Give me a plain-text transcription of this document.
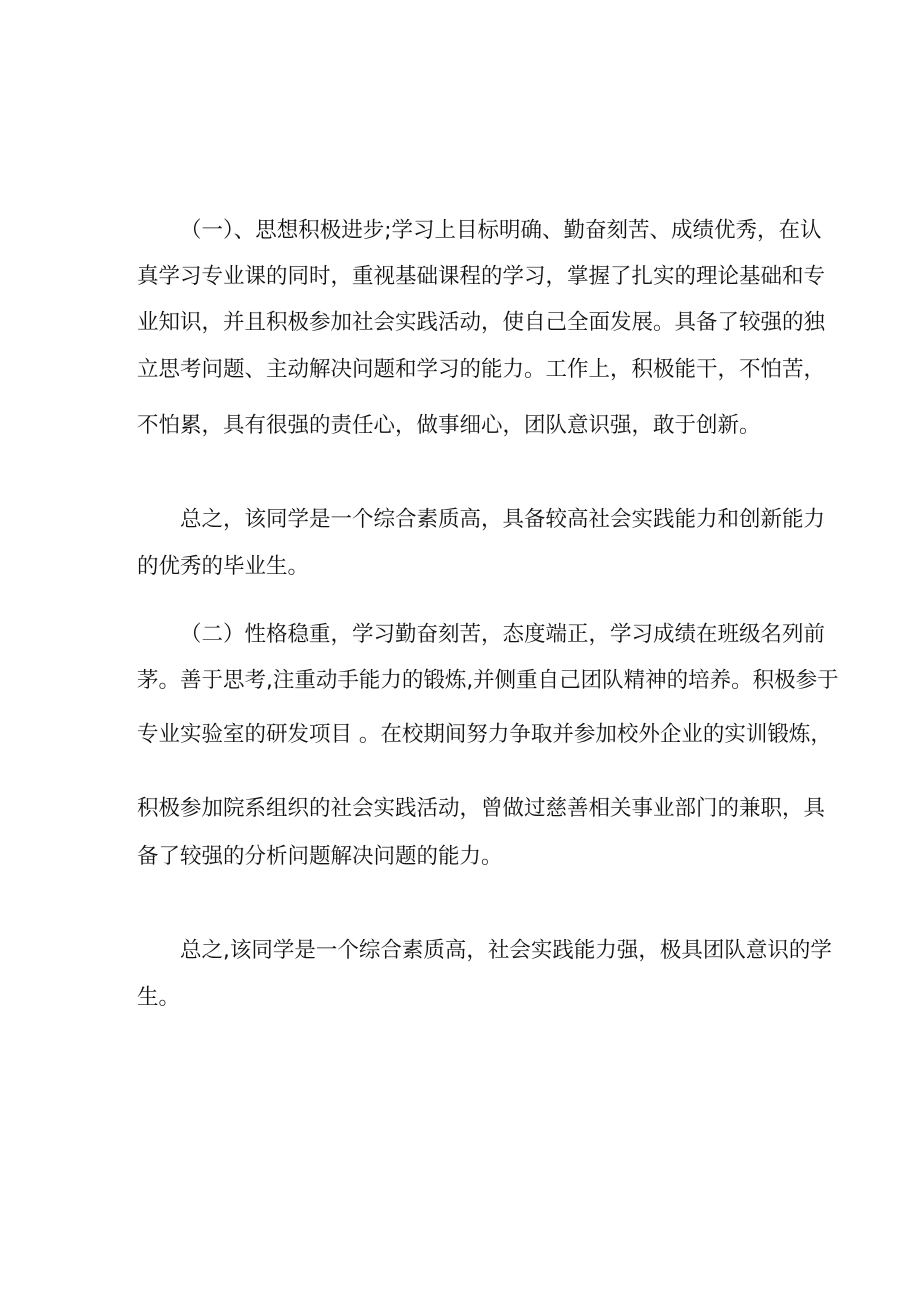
（一）、思想积极进步;学习上目标明确、勤奋刻苦、成绩优秀，在认
真学习专业课的同时，重视基础课程的学习，掌握了扎实的理论基础和专
业知识，并且积极参加社会实践活动，使自己全面发展。具备了较强的独
立思考问题、主动解决问题和学习的能力。工作上，积极能干，不怕苦，
不怕累，具有很强的责任心，做事细心，团队意识强，敢于创新。
总之，该同学是一个综合素质高，具备较高社会实践能力和创新能力
的优秀的毕业生。
（二）性格稳重，学习勤奋刻苦，态度端正，学习成绩在班级名列前
茅。善于思考,注重动手能力的锻炼,并侧重自己团队精神的培养。积极参于
专业实验室的研发项目 。在校期间努力争取并参加校外企业的实训锻炼，
积极参加院系组织的社会实践活动，曾做过慈善相关事业部门的兼职，具
备了较强的分析问题解决问题的能力。
总之,该同学是一个综合素质高，社会实践能力强，极具团队意识的学
生。
